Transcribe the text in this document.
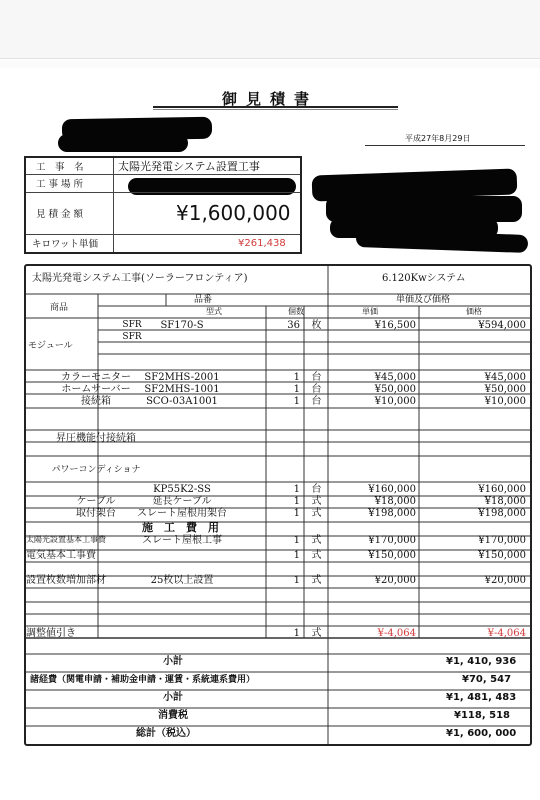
御見積書
平成27年8月29日
工　事　名	太陽光発電システム設置工事
工 事 場 所
見 積 金 額	¥1,600,000
キロワット単価	¥261,438
太陽光発電システム工事(ソーラーフロンティア)	6.120Kwシステム
商品
品番	単価及び価格
型式	個数	単価	価格
モジュール
SFR	SF170-S	36	枚	¥16,500	¥594,000
SFR
カラーモニター	SF2MHS-2001	1	台	¥45,000	¥45,000
ホームサーバー	SF2MHS-1001	1	台	¥50,000	¥50,000
接続箱	SCO-03A1001	1	台	¥10,000	¥10,000
昇圧機能付接続箱
パワーコンディショナ
KP55K2-SS	1	台	¥160,000	¥160,000
ケーブル	延長ケーブル	1	式	¥18,000	¥18,000
取付架台	スレート屋根用架台	1	式	¥198,000	¥198,000
太陽光設置基本工事費	スレート屋根工事	1	式	¥170,000	¥170,000
電気基本工事費	1	式	¥150,000	¥150,000
設置枚数増加部材	25枚以上設置	1	式	¥20,000	¥20,000
調整値引き	1	式	¥-4,064	¥-4,064
施　工　費　用
小計	¥1, 410, 936
諸経費（関電申請・補助金申請・運賃・系統連系費用）	¥70, 547
小計	¥1, 481, 483
消費税	¥118, 518
総計（税込）	¥1, 600, 000
